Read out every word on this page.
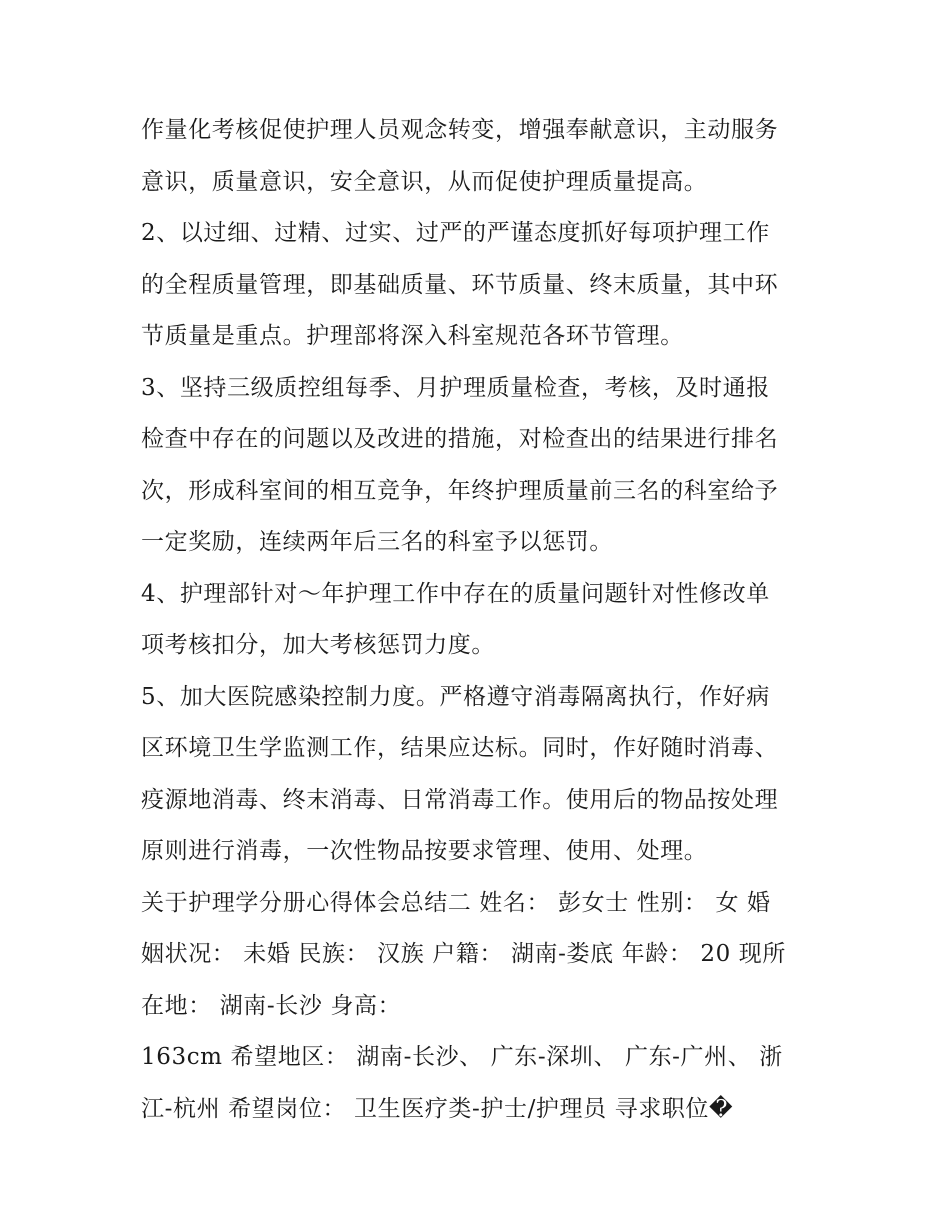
作量化考核促使护理人员观念转变，增强奉献意识，主动服务
意识，质量意识，安全意识，从而促使护理质量提高。
2、以过细、过精、过实、过严的严谨态度抓好每项护理工作
的全程质量管理，即基础质量、环节质量、终末质量，其中环
节质量是重点。护理部将深入科室规范各环节管理。
3、坚持三级质控组每季、月护理质量检查，考核，及时通报
检查中存在的问题以及改进的措施，对检查出的结果进行排名
次，形成科室间的相互竞争，年终护理质量前三名的科室给予
一定奖励，连续两年后三名的科室予以惩罚。
4、护理部针对～年护理工作中存在的质量问题针对性修改单
项考核扣分，加大考核惩罚力度。
5、加大医院感染控制力度。严格遵守消毒隔离执行，作好病
区环境卫生学监测工作，结果应达标。同时，作好随时消毒、
疫源地消毒、终末消毒、日常消毒工作。使用后的物品按处理
原则进行消毒，一次性物品按要求管理、使用、处理。
关于护理学分册心得体会总结二 姓名： 彭女士 性别： 女 婚
姻状况： 未婚 民族： 汉族 户籍： 湖南-娄底 年龄： 20 现所
在地： 湖南-长沙 身高：
163cm 希望地区： 湖南-长沙、 广东-深圳、 广东-广州、 浙
江-杭州 希望岗位： 卫生医疗类-护士/护理员 寻求职位�
